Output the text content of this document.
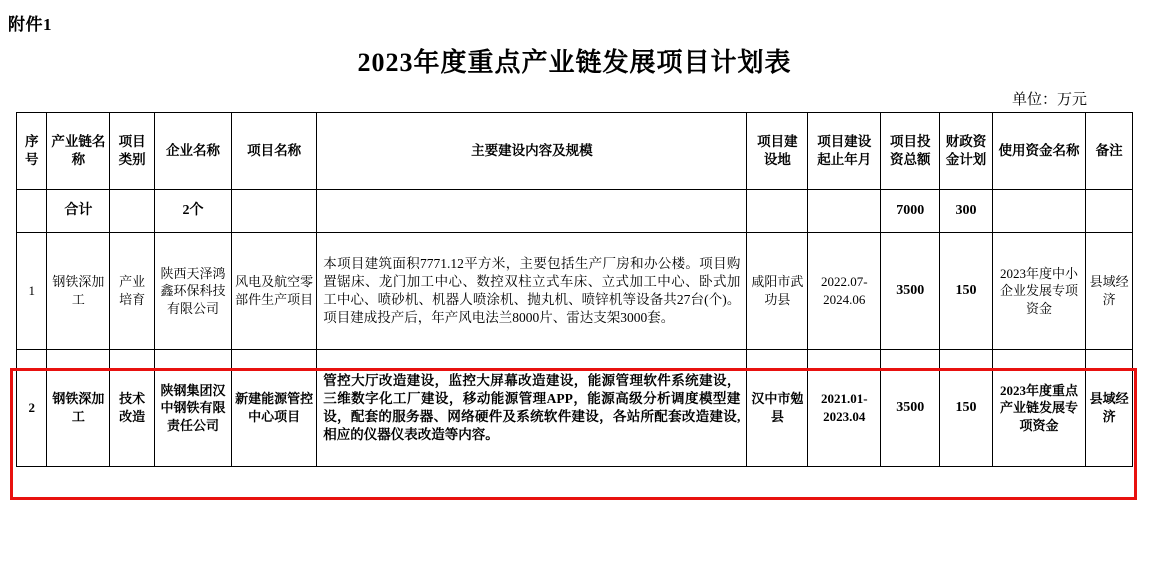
附件1
2023年度重点产业链发展项目计划表
单位：万元
序号	产业链名称	项目类别	企业名称	项目名称	主要建设内容及规模	项目建设地	项目建设起止年月	项目投资总额	财政资金计划	使用资金名称	备注
	合计		2个					7000	300		
1	钢铁深加工	产业培育	陕西天泽鸿鑫环保科技有限公司	风电及航空零部件生产项目	本项目建筑面积7771.12平方米，主要包括生产厂房和办公楼。项目购置锯床、龙门加工中心、数控双柱立式车床、立式加工中心、卧式加工中心、喷砂机、机器人喷涂机、抛丸机、喷锌机等设备共27台(个)。项目建成投产后，年产风电法兰8000片、雷达支架3000套。	咸阳市武功县	2022.07-2024.06	3500	150	2023年度中小企业发展专项资金	县域经济
2	钢铁深加工	技术改造	陕钢集团汉中钢铁有限责任公司	新建能源管控中心项目	管控大厅改造建设，监控大屏幕改造建设，能源管理软件系统建设，三维数字化工厂建设，移动能源管理APP，能源高级分析调度模型建设，配套的服务器、网络硬件及系统软件建设，各站所配套改造建设,相应的仪器仪表改造等内容。	汉中市勉县	2021.01-2023.04	3500	150	2023年度重点产业链发展专项资金	县域经济
